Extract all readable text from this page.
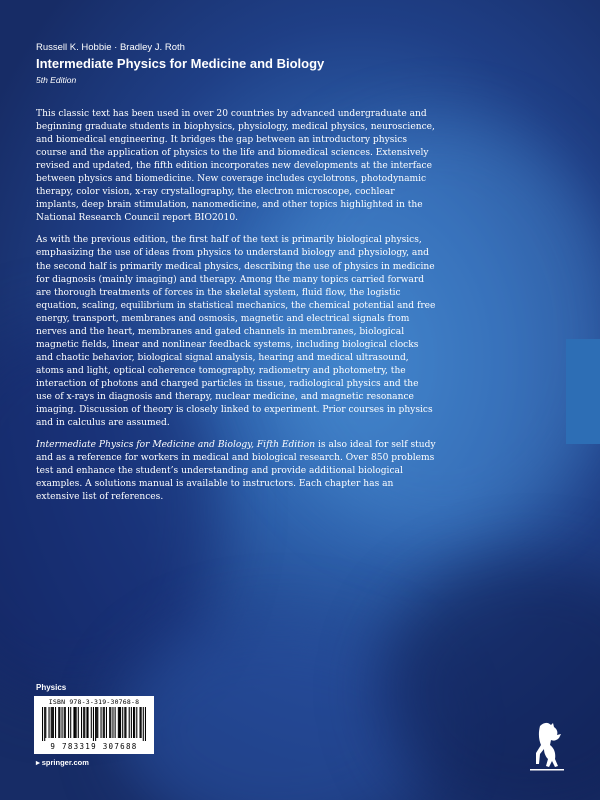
Russell K. Hobbie · Bradley J. Roth
Intermediate Physics for Medicine and Biology
5th Edition

This classic text has been used in over 20 countries by advanced undergraduate and beginning graduate students in biophysics, physiology, medical physics, neuroscience, and biomedical engineering. It bridges the gap between an introductory physics course and the application of physics to the life and biomedical sciences. Extensively revised and updated, the fifth edition incorporates new developments at the interface between physics and biomedicine. New coverage includes cyclotrons, photodynamic therapy, color vision, x-ray crystallography, the electron microscope, cochlear implants, deep brain stimulation, nanomedicine, and other topics highlighted in the National Research Council report BIO2010.

As with the previous edition, the first half of the text is primarily biological physics, emphasizing the use of ideas from physics to understand biology and physiology, and the second half is primarily medical physics, describing the use of physics in medicine for diagnosis (mainly imaging) and therapy. Among the many topics carried forward are thorough treatments of forces in the skeletal system, fluid flow, the logistic equation, scaling, equilibrium in statistical mechanics, the chemical potential and free energy, transport, membranes and osmosis, magnetic and electrical signals from nerves and the heart, membranes and gated channels in membranes, biological magnetic fields, linear and nonlinear feedback systems, including biological clocks and chaotic behavior, biological signal analysis, hearing and medical ultrasound, atoms and light, optical coherence tomography, radiometry and photometry, the interaction of photons and charged particles in tissue, radiological physics and the use of x-rays in diagnosis and therapy, nuclear medicine, and magnetic resonance imaging. Discussion of theory is closely linked to experiment. Prior courses in physics and in calculus are assumed.

Intermediate Physics for Medicine and Biology, Fifth Edition is also ideal for self study and as a reference for workers in medical and biological research. Over 850 problems test and enhance the student’s understanding and provide additional biological examples. A solutions manual is available to instructors. Each chapter has an extensive list of references.

Physics
ISBN 978-3-319-30768-8
9 783319 307688
▸ springer.com
